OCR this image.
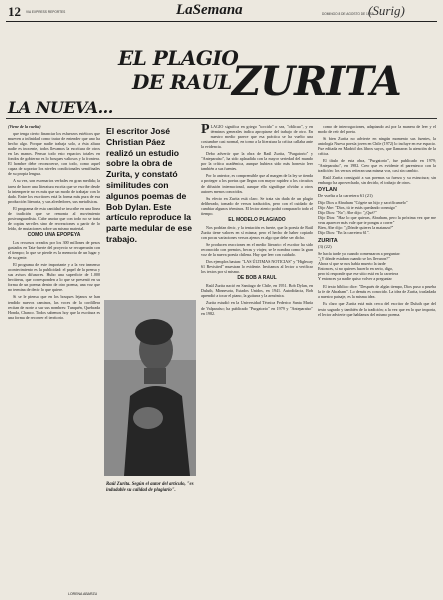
12 VIA EXPRESS REPORTES	LaSemana	DOMINGO 8 DE AGOSTO DE 1982
(Surig)
EL PLAGIO
DE RAUL ZURITA
LA NUEVA...
(Viene de la vuelta)

que tenga cierto financiar los esfuerzos estéticos que mueven a infinidad como tratar de entender que uno ha hecho algo. Porque nadie trabaja solo, a ésta altura nadie es inocente, todos llevamos la escritura de otros en las manos. Pensar todo esto espacios totales en fondos de gobierno es lo bosques valiosos y la frontera. El hombre debe reconocerse, con todo, como aquel capaz de soportar los niveles condicionales semifinales de su propia lengua.

A su vez, son escenarios verbales en gran medida; la tarea de hacer una literatura escrita que se escribe desde la intemperie no es más que un modo de trabajar con lo dado. Entre los escritores está la forma más pura de esa producción literaria, y sus alrededores, sus metafísicas.

El programa de esta cantidad se inscribe en una línea de tradición que se remonta al movimiento postvanguardista. Cabe anotar que con todo no se trata de copias serviles sino de recreaciones a partir de lo leído, de mutaciones sobre un mismo material.

COMO UNA EPOPEYA

Los recursos creados por los 300 millones de pesos gastados en Tata-fuerte del proyecto se recuperarán con el tiempo; lo que se pierde es la memoria de un lugar y de su gente.

El programa de este importante y a la vez inmenso acontecimiento es la publicidad: el papel de la prensa y sus avisos difusores. Hubo una superficie de 1.000 hectáreas, que corresponden a lo que se presentó en su forma de un poema dentro de otro poema, una voz que no termina de decir lo que quiere.

Si se le piensa que en los bosques lejanos se han tendido nuevos caminos, las voces de la cordillera recitan de norte a sur sus nombres: Tunquén, Quebrada Honda, Chanco. Todos sabemos hoy que la escritura es una forma de recorrer el territorio.

LORENA ABARZU
El escritor José Christian Páez realizó un estudio sobre la obra de Zurita, y constató similitudes con algunos poemas de Bob Dylan. Este artículo reproduce la parte medular de ese trabajo.
Raúl Zurita. Según el autor del artículo, "es indudable su calidad de plagiario".

PLAGIO significa en griego "torcido" o sea, "oblicuo", y en términos generales indica apropiarse del trabajo de otro. En nuestro medio parece que esa práctica se ha vuelto una costumbre casi normal, en torno a la literatura la crítica callaba ante la evidencia.

Debo advertir que la obra de Raúl Zurita, "Purgatorio" y "Anteparaíso", ha sido aplaudida con la mayor seriedad del mundo por la crítica académica, aunque hubiera sido más honesto leer también a sus fuentes.

Por lo anterior, es comprensible que al margen de la ley se tienda a proteger a los poetas que llegan con mayor rapidez a los circuitos de difusión internacional, aunque ello signifique olvidar a otros autores menos conocidos.

Su efecto en Zurita está claro. Se trata sin duda de un plagio deliberado, tomado de versos traducidos, pero con el cuidado de cambiar algunos términos. El lector atento podrá compararlo todo el tiempo.

EL MODELO PLAGIADO

Nos podrían decir, y la tentación es fuerte, que la poesía de Raúl Zurita tiene valores en sí misma; pero el hecho de haber copiado con pocas variaciones versos ajenos es algo que debe ser dicho.

Se producen reacciones en el medio literario: el escritor ha sido reconocido con premios, becas y viajes; se le nombra como la gran voz de la nueva poesía chilena. Hay que leer con cuidado.

Dos ejemplos bastan: "LAS ÚLTIMAS NOTICIAS" y "Highway 61 Revisited" muestran lo evidente. Invitamos al lector a verificar los textos por sí mismo.

DE BOB A RAUL

Raúl Zurita nació en Santiago de Chile, en 1951. Bob Dylan, en Duluth, Minnesota, Estados Unidos, en 1941. Autodidacta, Bob aprendió a tocar el piano, la guitarra y la armónica.

Zurita estudió en la Universidad Técnica Federico Santa María de Valparaíso; ha publicado "Purgatorio" en 1979 y "Anteparaíso" en 1982.

como de interrogaciones, adaptando así por la manera de leer y el modo de reír del poeta.

Si bien Zurita no advierte en ningún momento sus fuentes, la antología Nueva poesía joven en Chile (1972) lo incluye en ese espacio. Fue editada en Madrid dos libros suyos, que llamaron la atención de la crítica.

El título de esta obra, "Purgatorio", fue publicado en 1979; "Anteparaíso", en 1982. Creo que es evidente el parentesco con la tradición: los versos reiteran una misma voz, casi sin cambio.

Raúl Zurita consiguió a sus poemas su fuerza y su estructura; sin embargo ha aprovechado, sin decirlo, el trabajo de otros.

DYLAN
De vuelta a la carretera 61 (21)
Dijo Dios a Abraham "Cógete un hijo y sacrifícamelo"
Dijo Abe: "Dios, tú te estás quedando conmigo"
Dijo Dios: "No"; Abe dijo: "¿Qué?"
Dijo Dios: "Haz lo que quieras, Abraham, pero la próxima vez que me veas aparecer más vale que te pongas a correr"
Bien, Abe dijo: "¿Dónde quieres la matanza?"
Dijo Dios: "En la carretera 61".
ZURITA
(3) (22)
Se hacía tarde ya cuando comenzaron a preguntar:
"¿Y dónde estaban cuando se los llevaron?"
Ahora sí que se nos había muerto la tarde
Entonces, si no quieres hacerlo en serio, digo,
pero tú responde que ese sitio está en la carretera
Y entonces ya nadie quiso volver a preguntar

El texto bíblico dice: "Después de algún tiempo, Dios puso a prueba la fe de Abraham". Lo demás es conocido. La idea de Zurita, trasladada a nuestro paisaje, es la misma idea.

Es claro que Zurita está más cerca del escritor de Duluth que del texto sagrado y también de la tradición; a la vez que en lo que importa, el lector advierte que hablamos del mismo poema.
